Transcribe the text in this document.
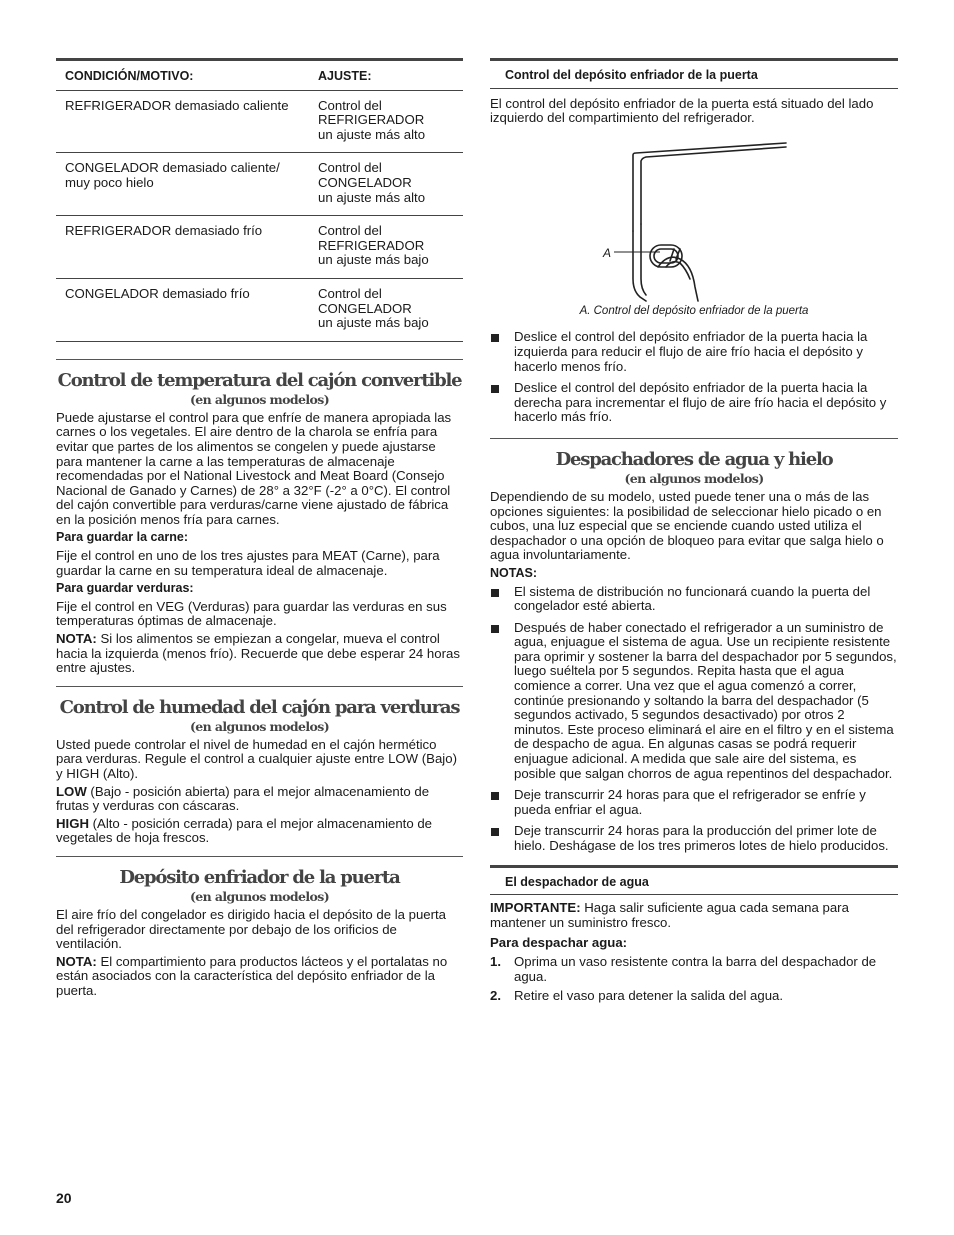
CONDICIÓN/MOTIVO:	AJUSTE:
REFRIGERADOR demasiado caliente	Control del
REFRIGERADOR
un ajuste más alto
CONGELADOR demasiado caliente/
muy poco hielo	Control del
CONGELADOR
un ajuste más alto
REFRIGERADOR demasiado frío	Control del
REFRIGERADOR
un ajuste más bajo
CONGELADOR demasiado frío	Control del
CONGELADOR
un ajuste más bajo
Control de temperatura del cajón convertible
(en algunos modelos)

Puede ajustarse el control para que enfríe de manera apropiada las carnes o los vegetales. El aire dentro de la charola se enfría para evitar que partes de los alimentos se congelen y puede ajustarse para mantener la carne a las temperaturas de almacenaje recomendadas por el National Livestock and Meat Board (Consejo Nacional de Ganado y Carnes) de 28° a 32°F (-2° a 0°C). El control del cajón convertible para verduras/carne viene ajustado de fábrica en la posición menos fría para carnes.

Para guardar la carne:

Fije el control en uno de los tres ajustes para MEAT (Carne), para guardar la carne en su temperatura ideal de almacenaje.

Para guardar verduras:

Fije el control en VEG (Verduras) para guardar las verduras en sus temperaturas óptimas de almacenaje.

NOTA: Si los alimentos se empiezan a congelar, mueva el control hacia la izquierda (menos frío). Recuerde que debe esperar 24 horas entre ajustes.

Control de humedad del cajón para verduras
(en algunos modelos)

Usted puede controlar el nivel de humedad en el cajón hermético para verduras. Regule el control a cualquier ajuste entre LOW (Bajo) y HIGH (Alto).

LOW (Bajo - posición abierta) para el mejor almacenamiento de frutas y verduras con cáscaras.

HIGH (Alto - posición cerrada) para el mejor almacenamiento de vegetales de hoja frescos.

Depósito enfriador de la puerta
(en algunos modelos)

El aire frío del congelador es dirigido hacia el depósito de la puerta del refrigerador directamente por debajo de los orificios de ventilación.

NOTA: El compartimiento para productos lácteos y el portalatas no están asociados con la característica del depósito enfriador de la puerta.

Control del depósito enfriador de la puerta

El control del depósito enfriador de la puerta está situado del lado izquierdo del compartimiento del refrigerador.

A

A. Control del depósito enfriador de la puerta

Deslice el control del depósito enfriador de la puerta hacia la izquierda para reducir el flujo de aire frío hacia el depósito y hacerlo menos frío.
Deslice el control del depósito enfriador de la puerta hacia la derecha para incrementar el flujo de aire frío hacia el depósito y hacerlo más frío.
Despachadores de agua y hielo
(en algunos modelos)

Dependiendo de su modelo, usted puede tener una o más de las opciones siguientes: la posibilidad de seleccionar hielo picado o en cubos, una luz especial que se enciende cuando usted utiliza el despachador o una opción de bloqueo para evitar que salga hielo o agua involuntariamente.

NOTAS:

El sistema de distribución no funcionará cuando la puerta del congelador esté abierta.
Después de haber conectado el refrigerador a un suministro de agua, enjuague el sistema de agua. Use un recipiente resistente para oprimir y sostener la barra del despachador por 5 segundos, luego suéltela por 5 segundos. Repita hasta que el agua comience a correr. Una vez que el agua comenzó a correr, continúe presionando y soltando la barra del despachador (5 segundos activado, 5 segundos desactivado) por otros 2 minutos. Este proceso eliminará el aire en el filtro y en el sistema de despacho de agua. En algunas casas se podrá requerir enjuague adicional. A medida que sale aire del sistema, es posible que salgan chorros de agua repentinos del despachador.
Deje transcurrir 24 horas para que el refrigerador se enfríe y pueda enfriar el agua.
Deje transcurrir 24 horas para la producción del primer lote de hielo. Deshágase de los tres primeros lotes de hielo producidos.
El despachador de agua

IMPORTANTE: Haga salir suficiente agua cada semana para mantener un suministro fresco.

Para despachar agua:

1. Oprima un vaso resistente contra la barra del despachador de agua.
2. Retire el vaso para detener la salida del agua.
20
